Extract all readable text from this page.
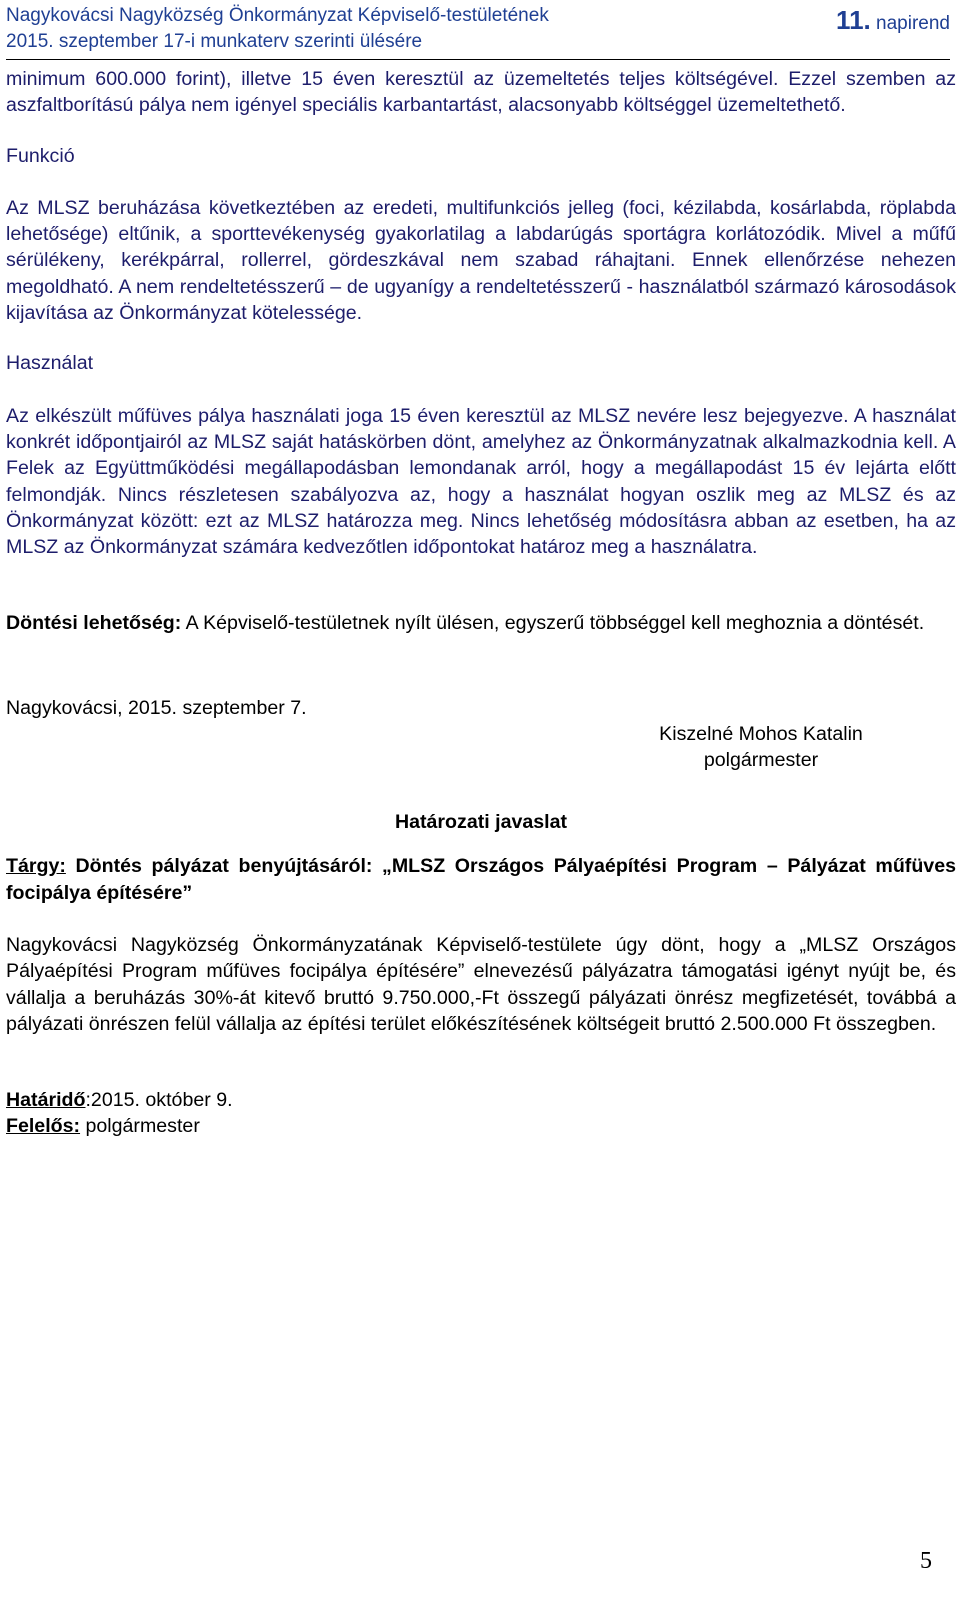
Nagykovácsi Nagyközség Önkormányzat Képviselő-testületének
2015. szeptember 17-i munkaterv szerinti ülésére
11. napirend

minimum 600.000 forint), illetve 15 éven keresztül az üzemeltetés teljes költségével. Ezzel szemben az aszfaltborítású pálya nem igényel speciális karbantartást, alacsonyabb költséggel üzemeltethető.

Funkció

Az MLSZ beruházása következtében az eredeti, multifunkciós jelleg (foci, kézilabda, kosárlabda, röplabda lehetősége) eltűnik, a sporttevékenység gyakorlatilag a labdarúgás sportágra korlátozódik. Mivel a műfű sérülékeny, kerékpárral, rollerrel, gördeszkával nem szabad ráhajtani. Ennek ellenőrzése nehezen megoldható. A nem rendeltetésszerű – de ugyanígy a rendeltetésszerű - használatból származó károsodások kijavítása az Önkormányzat kötelessége.

Használat

Az elkészült műfüves pálya használati joga 15 éven keresztül az MLSZ nevére lesz bejegyezve. A használat konkrét időpontjairól az MLSZ saját hatáskörben dönt, amelyhez az Önkormányzatnak alkalmazkodnia kell. A Felek az Együttműködési megállapodásban lemondanak arról, hogy a megállapodást 15 év lejárta előtt felmondják. Nincs részletesen szabályozva az, hogy a használat hogyan oszlik meg az MLSZ és az Önkormányzat között: ezt az MLSZ határozza meg. Nincs lehetőség módosításra abban az esetben, ha az MLSZ az Önkormányzat számára kedvezőtlen időpontokat határoz meg a használatra.

Döntési lehetőség: A Képviselő-testületnek nyílt ülésen, egyszerű többséggel kell meghoznia a döntését.

Nagykovácsi, 2015. szeptember 7.
Kiszelné Mohos Katalin
polgármester
Határozati javaslat

Tárgy: Döntés pályázat benyújtásáról: „MLSZ Országos Pályaépítési Program – Pályázat műfüves focipálya építésére”

Nagykovácsi Nagyközség Önkormányzatának Képviselő-testülete úgy dönt, hogy a „MLSZ Országos Pályaépítési Program műfüves focipálya építésére” elnevezésű pályázatra támogatási igényt nyújt be, és vállalja a beruházás 30%-át kitevő bruttó 9.750.000,-Ft összegű pályázati önrész megfizetését, továbbá a pályázati önrészen felül vállalja az építési terület előkészítésének költségeit bruttó 2.500.000 Ft összegben.

Határidő:2015. október 9.
Felelős: polgármester
5
